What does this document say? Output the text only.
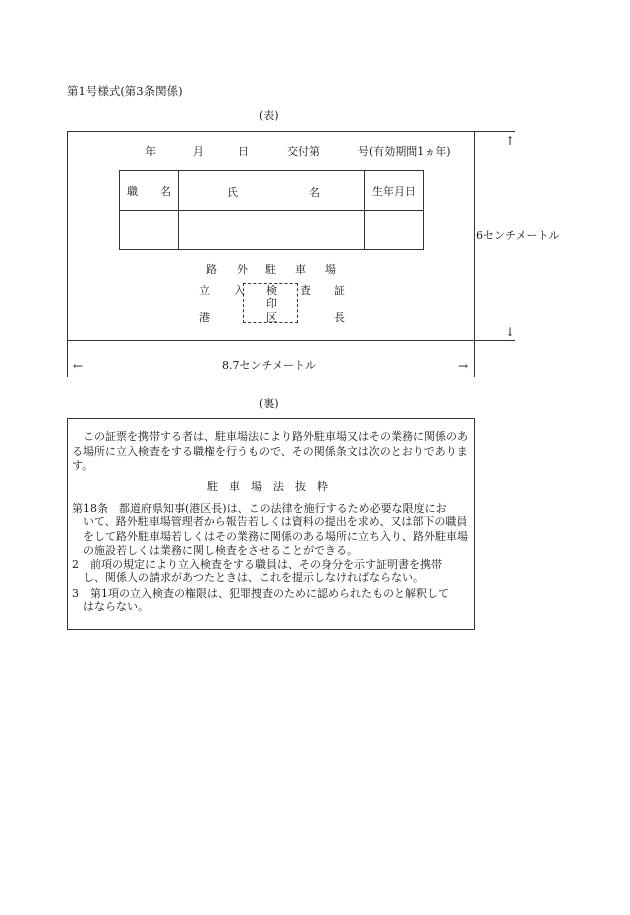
第1号様式(第3条関係)
(表)
年	月	日	交付第	号(有効期間1ヵ年)
職　　名	氏 名	生年月日

路 外 駐 車 場
立 入 検 査 証
印
港	区	長
↑
6センチメートル
↓
←	8.7センチメートル	→
(裏)
この証票を携帯する者は、駐車場法により路外駐車場又はその業務に関係のある場所に立入検査をする職権を行うもので、その関係条文は次のとおりであります。
駐　車　場　法　抜　粋
第18条　都道府県知事(港区長)は、この法律を施行するため必要な限度にお
いて、路外駐車場管理者から報告若しくは資料の提出を求め、又は部下の職員をして路外駐車場若しくはその業務に関係のある場所に立ち入り、路外駐車場の施設若しくは業務に関し検査をさせることができる。
2　前項の規定により立入検査をする職員は、その身分を示す証明書を携帯
し、関係人の請求があつたときは、これを提示しなければならない。
3　第1項の立入検査の権限は、犯罪捜査のために認められたものと解釈して
はならない。
